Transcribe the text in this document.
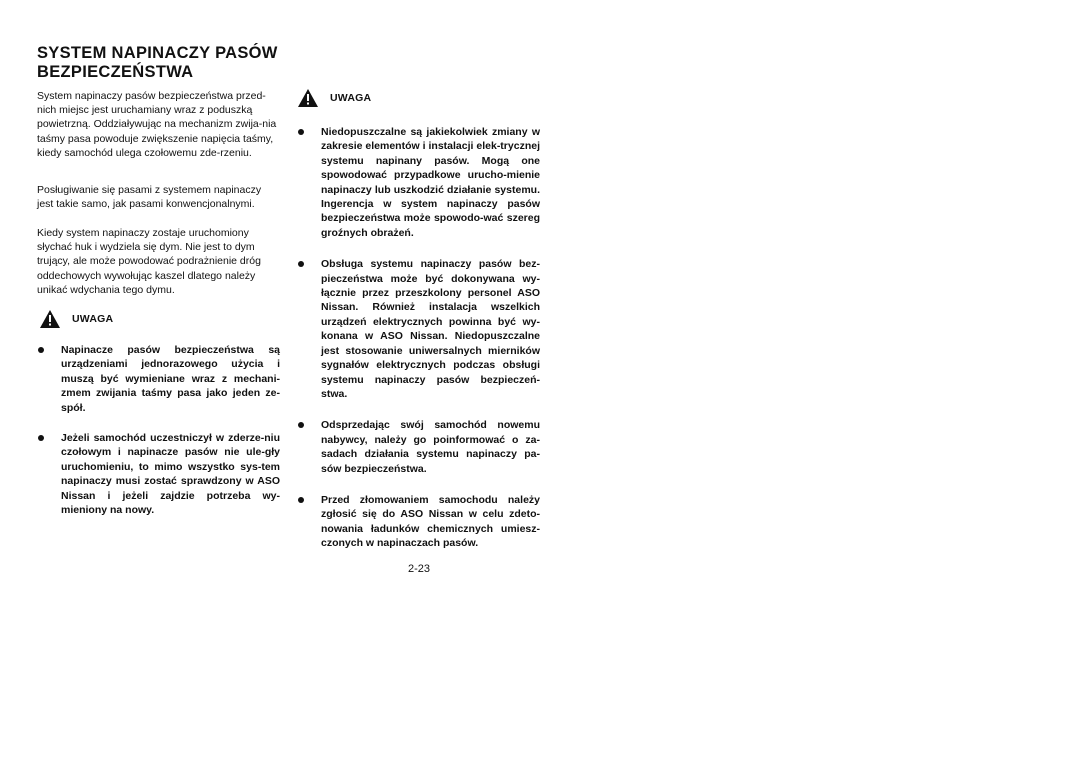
SYSTEM NAPINACZY PASÓW BEZPIECZEŃSTWA

System napinaczy pasów bezpieczeństwa przed-nich miejsc jest uruchamiany wraz z poduszką powietrzną. Oddziaływując na mechanizm zwija-nia taśmy pasa powoduje zwiększenie napięcia taśmy, kiedy samochód ulega czołowemu zde-rzeniu.

Posługiwanie się pasami z systemem napinaczy jest takie samo, jak pasami konwencjonalnymi.

Kiedy system napinaczy zostaje uruchomiony słychać huk i wydziela się dym. Nie jest to dym trujący, ale może powodować podrażnienie dróg oddechowych wywołując kaszel dlatego należy unikać wdychania tego dymu.

UWAGA
Napinacze pasów bezpieczeństwa są urządzeniami jednorazowego użycia i muszą być wymieniane wraz z mechani-zmem zwijania taśmy pasa jako jeden ze-spół.
Jeżeli samochód uczestniczył w zderze-niu czołowym i napinacze pasów nie ule-gły uruchomieniu, to mimo wszystko sys-tem napinaczy musi zostać sprawdzony w ASO Nissan i jeżeli zajdzie potrzeba wy-mieniony na nowy.
UWAGA
Niedopuszczalne są jakiekolwiek zmiany w zakresie elementów i instalacji elek-trycznej systemu napinany pasów. Mogą one spowodować przypadkowe urucho-mienie napinaczy lub uszkodzić działanie systemu. Ingerencja w system napinaczy pasów bezpieczeństwa może spowodo-wać szereg groźnych obrażeń.
Obsługa systemu napinaczy pasów bez-pieczeństwa może być dokonywana wy-łącznie przez przeszkolony personel ASO Nissan. Również instalacja wszelkich urządzeń elektrycznych powinna być wy-konana w ASO Nissan. Niedopuszczalne jest stosowanie uniwersalnych mierników sygnałów elektrycznych podczas obsługi systemu napinaczy pasów bezpieczeń-stwa.
Odsprzedając swój samochód nowemu nabywcy, należy go poinformować o za-sadach działania systemu napinaczy pa-sów bezpieczeństwa.
Przed złomowaniem samochodu należy zgłosić się do ASO Nissan w celu zdeto-nowania ładunków chemicznych umiesz-czonych w napinaczach pasów.
2-23
